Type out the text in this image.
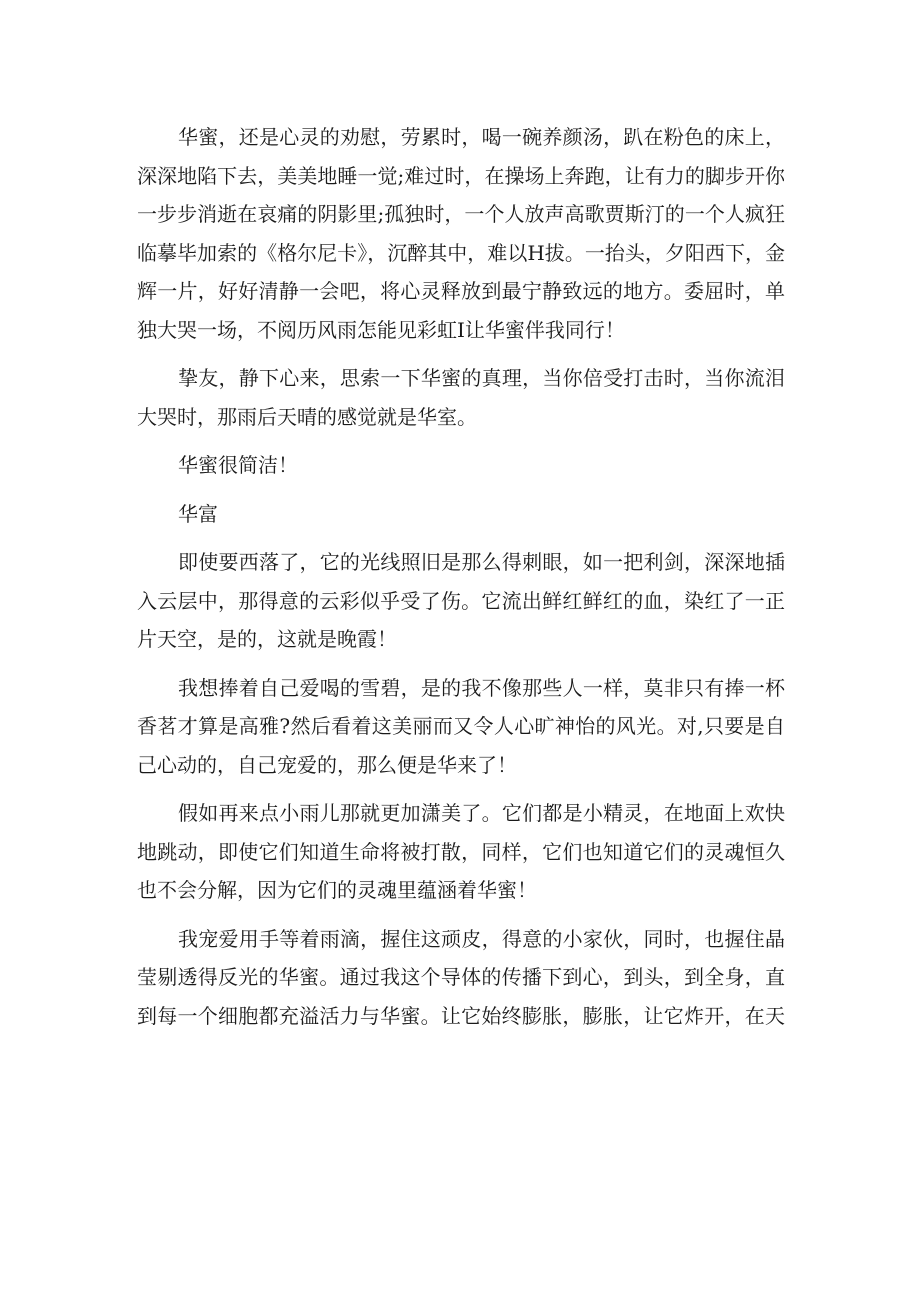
华蜜，还是心灵的劝慰，劳累时，喝一碗养颜汤，趴在粉色的床上，
深深地陷下去，美美地睡一觉;难过时，在操场上奔跑，让有力的脚步开你
一步步消逝在哀痛的阴影里;孤独时，一个人放声高歌贾斯汀的一个人疯狂
临摹毕加索的《格尔尼卡》，沉醉其中，难以H拔。一抬头，夕阳西下，金
辉一片，好好清静一会吧，将心灵释放到最宁静致远的地方。委屈时，单
独大哭一场，不阅历风雨怎能见彩虹I让华蜜伴我同行！

挚友，静下心来，思索一下华蜜的真理，当你倍受打击时，当你流泪
大哭时，那雨后天晴的感觉就是华室。

华蜜很简洁！

华富

即使要西落了，它的光线照旧是那么得刺眼，如一把利剑，深深地插
入云层中，那得意的云彩似乎受了伤。它流出鲜红鲜红的血，染红了一正
片天空，是的，这就是晚霞！

我想捧着自己爱喝的雪碧，是的我不像那些人一样，莫非只有捧一杯
香茗才算是高雅?然后看着这美丽而又令人心旷神怡的风光。对,只要是自
己心动的，自己宠爱的，那么便是华来了！

假如再来点小雨儿那就更加潇美了。它们都是小精灵，在地面上欢快
地跳动，即使它们知道生命将被打散，同样，它们也知道它们的灵魂恒久
也不会分解，因为它们的灵魂里蕴涵着华蜜！

我宠爱用手等着雨滴，握住这顽皮，得意的小家伙，同时，也握住晶
莹剔透得反光的华蜜。通过我这个导体的传播下到心，到头，到全身，直
到每一个细胞都充溢活力与华蜜。让它始终膨胀，膨胀，让它炸开，在天
